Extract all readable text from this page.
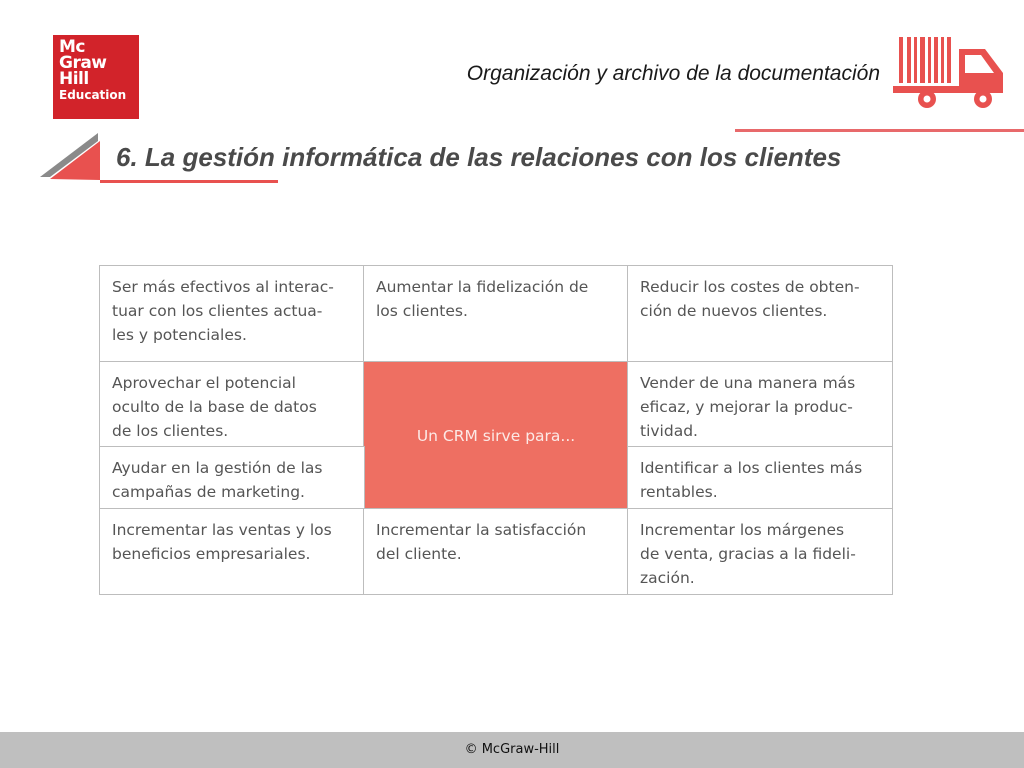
Mc
Graw
Hill
Education
Organización y archivo de la documentación
6. La gestión informática de las relaciones con los clientes
Ser más efectivos al interac-
tuar con los clientes actua-
les y potenciales.
Aumentar la fidelización de
los clientes.
Reducir los costes de obten-
ción de nuevos clientes.
Aprovechar el potencial
oculto de la base de datos
de los clientes.	Un CRM sirve para...
Vender de una manera más
eficaz, y mejorar la produc-
tividad.
Ayudar en la gestión de las
campañas de marketing.
Identificar a los clientes más
rentables.
Incrementar las ventas y los
beneficios empresariales.
Incrementar la satisfacción
del cliente.
Incrementar los márgenes
de venta, gracias a la fideli-
zación.
© McGraw-Hill
